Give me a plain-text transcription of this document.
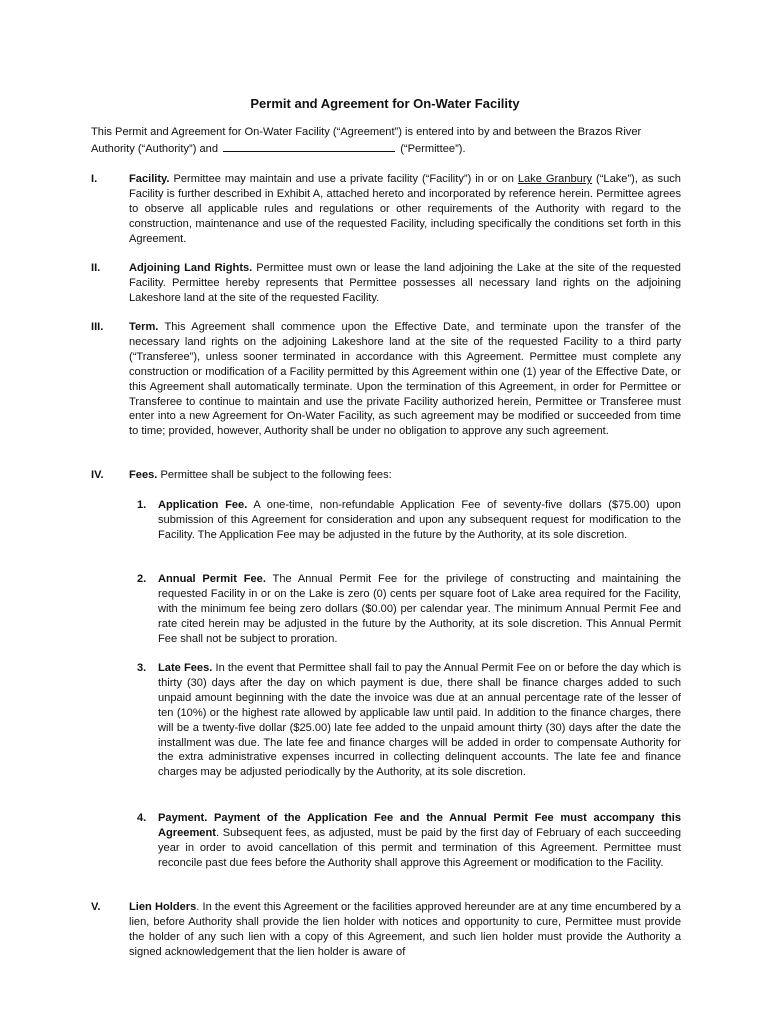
Permit and Agreement for On-Water Facility
This Permit and Agreement for On-Water Facility (“Agreement”) is entered into by and between the Brazos River Authority (“Authority”) and	(“Permittee”).
I.	Facility. Permittee may maintain and use a private facility (“Facility”) in or on Lake Granbury (“Lake”), as such Facility is further described in Exhibit A, attached hereto and incorporated by reference herein. Permittee agrees to observe all applicable rules and regulations or other requirements of the Authority with regard to the construction, maintenance and use of the requested Facility, including specifically the conditions set forth in this Agreement.
II.	Adjoining Land Rights. Permittee must own or lease the land adjoining the Lake at the site of the requested Facility. Permittee hereby represents that Permittee possesses all necessary land rights on the adjoining Lakeshore land at the site of the requested Facility.
III. Term. This Agreement shall commence upon the Effective Date, and terminate upon the transfer of the necessary land rights on the adjoining Lakeshore land at the site of the requested Facility to a third party (“Transferee”), unless sooner terminated in accordance with this Agreement. Permittee must complete any construction or modification of a Facility permitted by this Agreement within one (1) year of the Effective Date, or this Agreement shall automatically terminate. Upon the termination of this Agreement, in order for Permittee or Transferee to continue to maintain and use the private Facility authorized herein, Permittee or Transferee must enter into a new Agreement for On-Water Facility, as such agreement may be modified or succeeded from time to time; provided, however, Authority shall be under no obligation to approve any such agreement.
IV. Fees. Permittee shall be subject to the following fees:
1. Application Fee. A one-time, non-refundable Application Fee of seventy-five dollars ($75.00) upon submission of this Agreement for consideration and upon any subsequent request for modification to the Facility. The Application Fee may be adjusted in the future by the Authority, at its sole discretion.
2. Annual Permit Fee. The Annual Permit Fee for the privilege of constructing and maintaining the requested Facility in or on the Lake is zero (0) cents per square foot of Lake area required for the Facility, with the minimum fee being zero dollars ($0.00) per calendar year. The minimum Annual Permit Fee and rate cited herein may be adjusted in the future by the Authority, at its sole discretion. This Annual Permit Fee shall not be subject to proration.
3. Late Fees. In the event that Permittee shall fail to pay the Annual Permit Fee on or before the day which is thirty (30) days after the day on which payment is due, there shall be finance charges added to such unpaid amount beginning with the date the invoice was due at an annual percentage rate of the lesser of ten (10%) or the highest rate allowed by applicable law until paid. In addition to the finance charges, there will be a twenty-five dollar ($25.00) late fee added to the unpaid amount thirty (30) days after the date the installment was due. The late fee and finance charges will be added in order to compensate Authority for the extra administrative expenses incurred in collecting delinquent accounts. The late fee and finance charges may be adjusted periodically by the Authority, at its sole discretion.
4. Payment. Payment of the Application Fee and the Annual Permit Fee must accompany this Agreement. Subsequent fees, as adjusted, must be paid by the first day of February of each succeeding year in order to avoid cancellation of this permit and termination of this Agreement. Permittee must reconcile past due fees before the Authority shall approve this Agreement or modification to the Facility.
V.	Lien Holders. In the event this Agreement or the facilities approved hereunder are at any time encumbered by a lien, before Authority shall provide the lien holder with notices and opportunity to cure, Permittee must provide the holder of any such lien with a copy of this Agreement, and such lien holder must provide the Authority a signed acknowledgement that the lien holder is aware of
